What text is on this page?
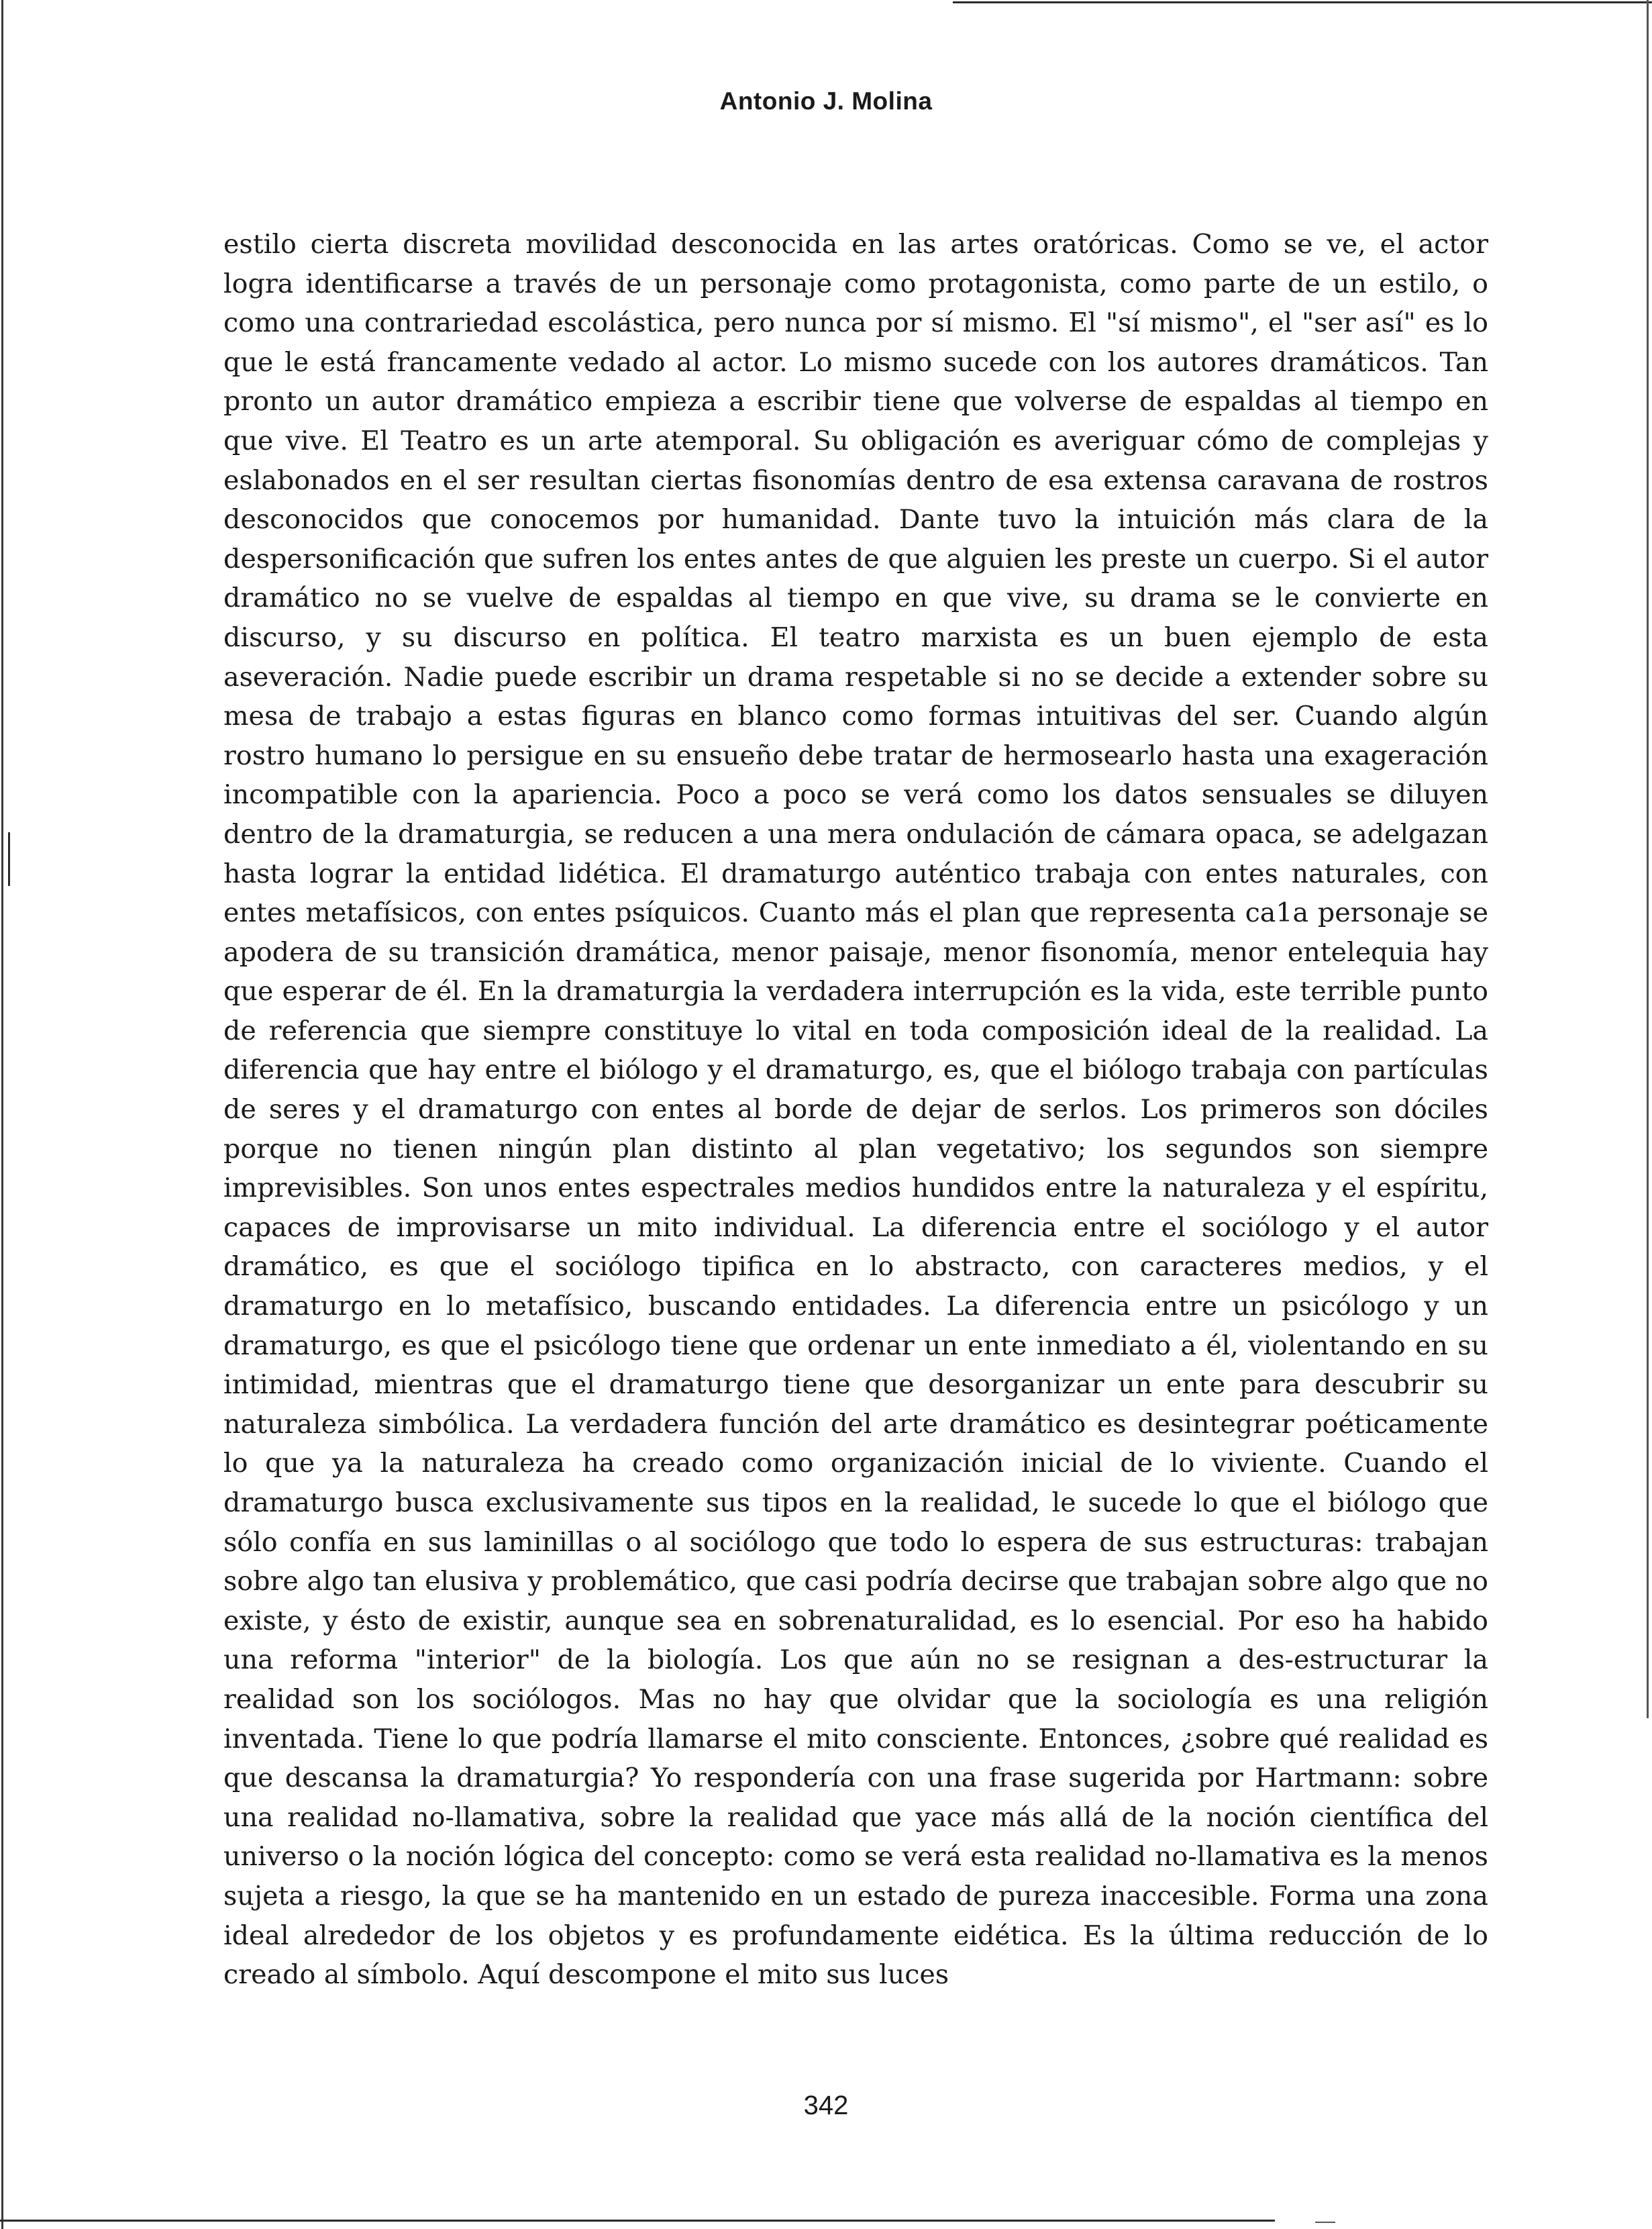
Antonio J. Molina

estilo cierta discreta movilidad desconocida en las artes oratóricas. Como se ve, el actor logra identificarse a través de un personaje como protagonista, como parte de un estilo, o como una contrariedad escolástica, pero nunca por sí mismo. El "sí mismo", el "ser así" es lo que le está francamente vedado al actor. Lo mismo sucede con los autores dramáticos. Tan pronto un autor dramático empieza a escribir tiene que volverse de espaldas al tiempo en que vive. El Teatro es un arte atemporal. Su obligación es averiguar cómo de complejas y eslabonados en el ser resultan ciertas fisonomías dentro de esa extensa caravana de rostros desconocidos que conocemos por humanidad. Dante tuvo la intuición más clara de la despersonificación que sufren los entes antes de que alguien les preste un cuerpo. Si el autor dramático no se vuelve de espaldas al tiempo en que vive, su drama se le convierte en discurso, y su discurso en política. El teatro marxista es un buen ejemplo de esta aseveración. Nadie puede escribir un drama respetable si no se decide a extender sobre su mesa de trabajo a estas figuras en blanco como formas intuitivas del ser. Cuando algún rostro humano lo persigue en su ensueño debe tratar de hermosearlo hasta una exageración incompatible con la apariencia. Poco a poco se verá como los datos sensuales se diluyen dentro de la dramaturgia, se reducen a una mera ondulación de cámara opaca, se adelgazan hasta lograr la entidad lidética. El dramaturgo auténtico trabaja con entes naturales, con entes metafísicos, con entes psíquicos. Cuanto más el plan que representa ca1a personaje se apodera de su transición dramática, menor paisaje, menor fisonomía, menor entelequia hay que esperar de él. En la dramaturgia la verdadera interrupción es la vida, este terrible punto de referencia que siempre constituye lo vital en toda composición ideal de la realidad. La diferencia que hay entre el biólogo y el dramaturgo, es, que el biólogo trabaja con partículas de seres y el dramaturgo con entes al borde de dejar de serlos. Los primeros son dóciles porque no tienen ningún plan distinto al plan vegetativo; los segundos son siempre imprevisibles. Son unos entes espectrales medios hundidos entre la naturaleza y el espíritu, capaces de improvisarse un mito individual. La diferencia entre el sociólogo y el autor dramático, es que el sociólogo tipifica en lo abstracto, con caracteres medios, y el dramaturgo en lo metafísico, buscando entidades. La diferencia entre un psicólogo y un dramaturgo, es que el psicólogo tiene que ordenar un ente inmediato a él, violentando en su intimidad, mientras que el dramaturgo tiene que desorganizar un ente para descubrir su naturaleza simbólica. La verdadera función del arte dramático es desintegrar poéticamente lo que ya la naturaleza ha creado como organización inicial de lo viviente. Cuando el dramaturgo busca exclusivamente sus tipos en la realidad, le sucede lo que el biólogo que sólo confía en sus laminillas o al sociólogo que todo lo espera de sus estructuras: trabajan sobre algo tan elusiva y problemático, que casi podría decirse que trabajan sobre algo que no existe, y ésto de existir, aunque sea en sobrenaturalidad, es lo esencial. Por eso ha habido una reforma "interior" de la biología. Los que aún no se resignan a des-estructurar la realidad son los sociólogos. Mas no hay que olvidar que la sociología es una religión inventada. Tiene lo que podría llamarse el mito consciente. Entonces, ¿sobre qué realidad es que descansa la dramaturgia? Yo respondería con una frase sugerida por Hartmann: sobre una realidad no-llamativa, sobre la realidad que yace más allá de la noción científica del universo o la noción lógica del concepto: como se verá esta realidad no-llamativa es la menos sujeta a riesgo, la que se ha mantenido en un estado de pureza inaccesible. Forma una zona ideal alrededor de los objetos y es profundamente eidética. Es la última reducción de lo creado al símbolo. Aquí descompone el mito sus luces

342
